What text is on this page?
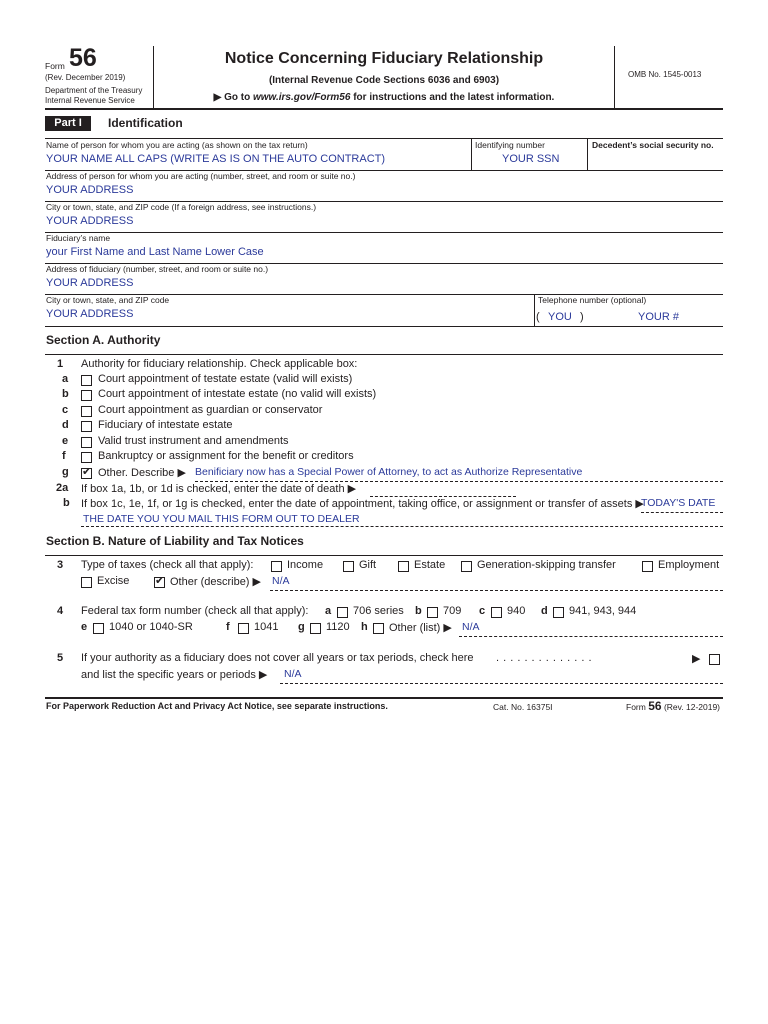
Form 56
(Rev. December 2019)
Department of the Treasury
Internal Revenue Service
Notice Concerning Fiduciary Relationship
(Internal Revenue Code Sections 6036 and 6903)
▶ Go to www.irs.gov/Form56 for instructions and the latest information.
OMB No. 1545-0013
Part I	Identification
Name of person for whom you are acting (as shown on the tax return)
YOUR NAME ALL CAPS (WRITE AS IS ON THE AUTO CONTRACT)
Identifying number
YOUR SSN
Decedent’s social security no.
Address of person for whom you are acting (number, street, and room or suite no.)
YOUR ADDRESS
City or town, state, and ZIP code (If a foreign address, see instructions.)
YOUR ADDRESS
Fiduciary’s name
your First Name and Last Name Lower Case
Address of fiduciary (number, street, and room or suite no.)
YOUR ADDRESS
City or town, state, and ZIP code
YOUR ADDRESS
Telephone number (optional)
( YOU )	YOUR #
Section A. Authority
1 Authority for fiduciary relationship. Check applicable box:
a	Court appointment of testate estate (valid will exists)
b	Court appointment of intestate estate (no valid will exists)
c	Court appointment as guardian or conservator
d	Fiduciary of intestate estate
e	Valid trust instrument and amendments
f	Bankruptcy or assignment for the benefit or creditors
g ✔ Other. Describe ▶ Benificiary now has a Special Power of Attorney, to act as Authorize Representative
2a If box 1a, 1b, or 1d is checked, enter the date of death ▶
b If box 1c, 1e, 1f, or 1g is checked, enter the date of appointment, taking office, or assignment or transfer of assets ▶
TODAY'S DATE
THE DATE YOU YOU MAIL THIS FORM OUT TO DEALER
Section B. Nature of Liability and Tax Notices
3 Type of taxes (check all that apply):	Income	Gift	Estate	Generation-skipping transfer	Employment
Excise ✔ Other (describe) ▶ N/A
4 Federal tax form number (check all that apply): a 706 series b 709 c 940 d 941, 943, 944
e 1040 or 1040-SR	f 1041 g 1120 h Other (list) ▶ N/A
5 If your authority as a fiduciary does not cover all years or tax periods, check here . . . . . . . . . . . . . .	▶
and list the specific years or periods ▶ N/A
For Paperwork Reduction Act and Privacy Act Notice, see separate instructions.	Cat. No. 16375I	Form 56 (Rev. 12-2019)
